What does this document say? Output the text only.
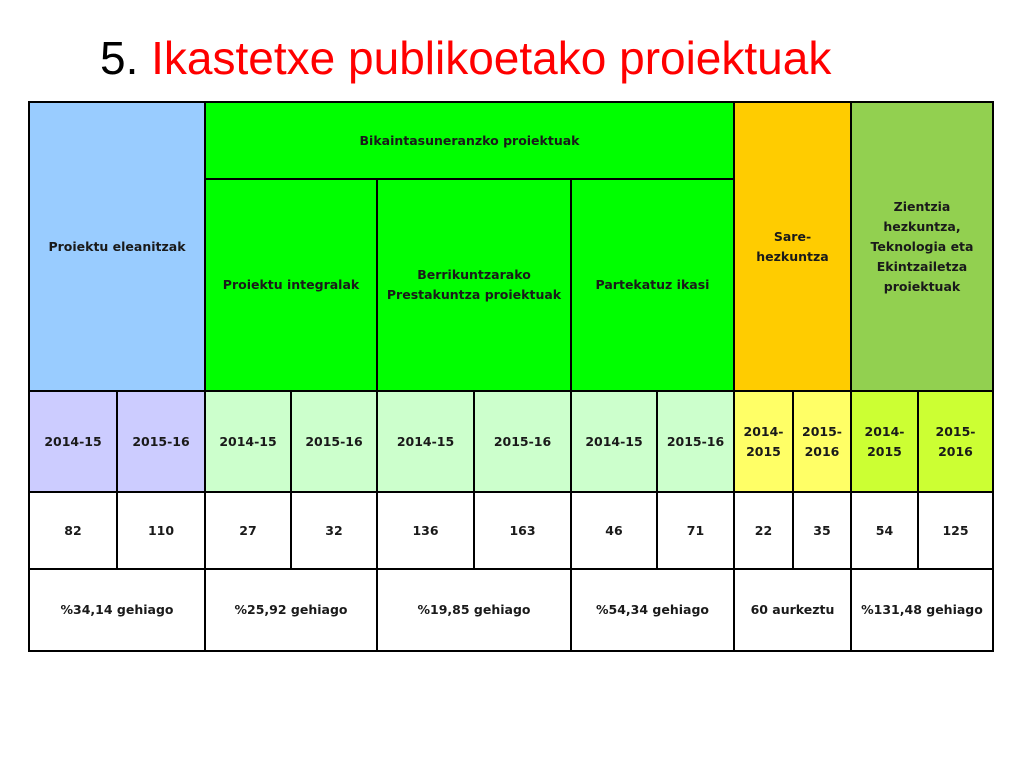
5. Ikastetxe publikoetako proiektuak
Proiektu eleanitzak		Bikaintasuneranzko proiektuak						Sare-hezkuntza		Zientzia hezkuntza, Teknologia eta Ekintzailetza proiektuak	
		Proiektu integralak		Berrikuntzarako Prestakuntza proiektuak		Partekatuz ikasi					
2014-15	2015-16	2014-15	2015-16	2014-15	2015-16	2014-15	2015-16	2014-2015	2015-2016	2014-2015	2015-2016
82	110	27	32	136	163	46	71	22	35	54	125
%34,14 gehiago		%25,92 gehiago		%19,85 gehiago		%54,34 gehiago		60 aurkeztu		%131,48 gehiago	
